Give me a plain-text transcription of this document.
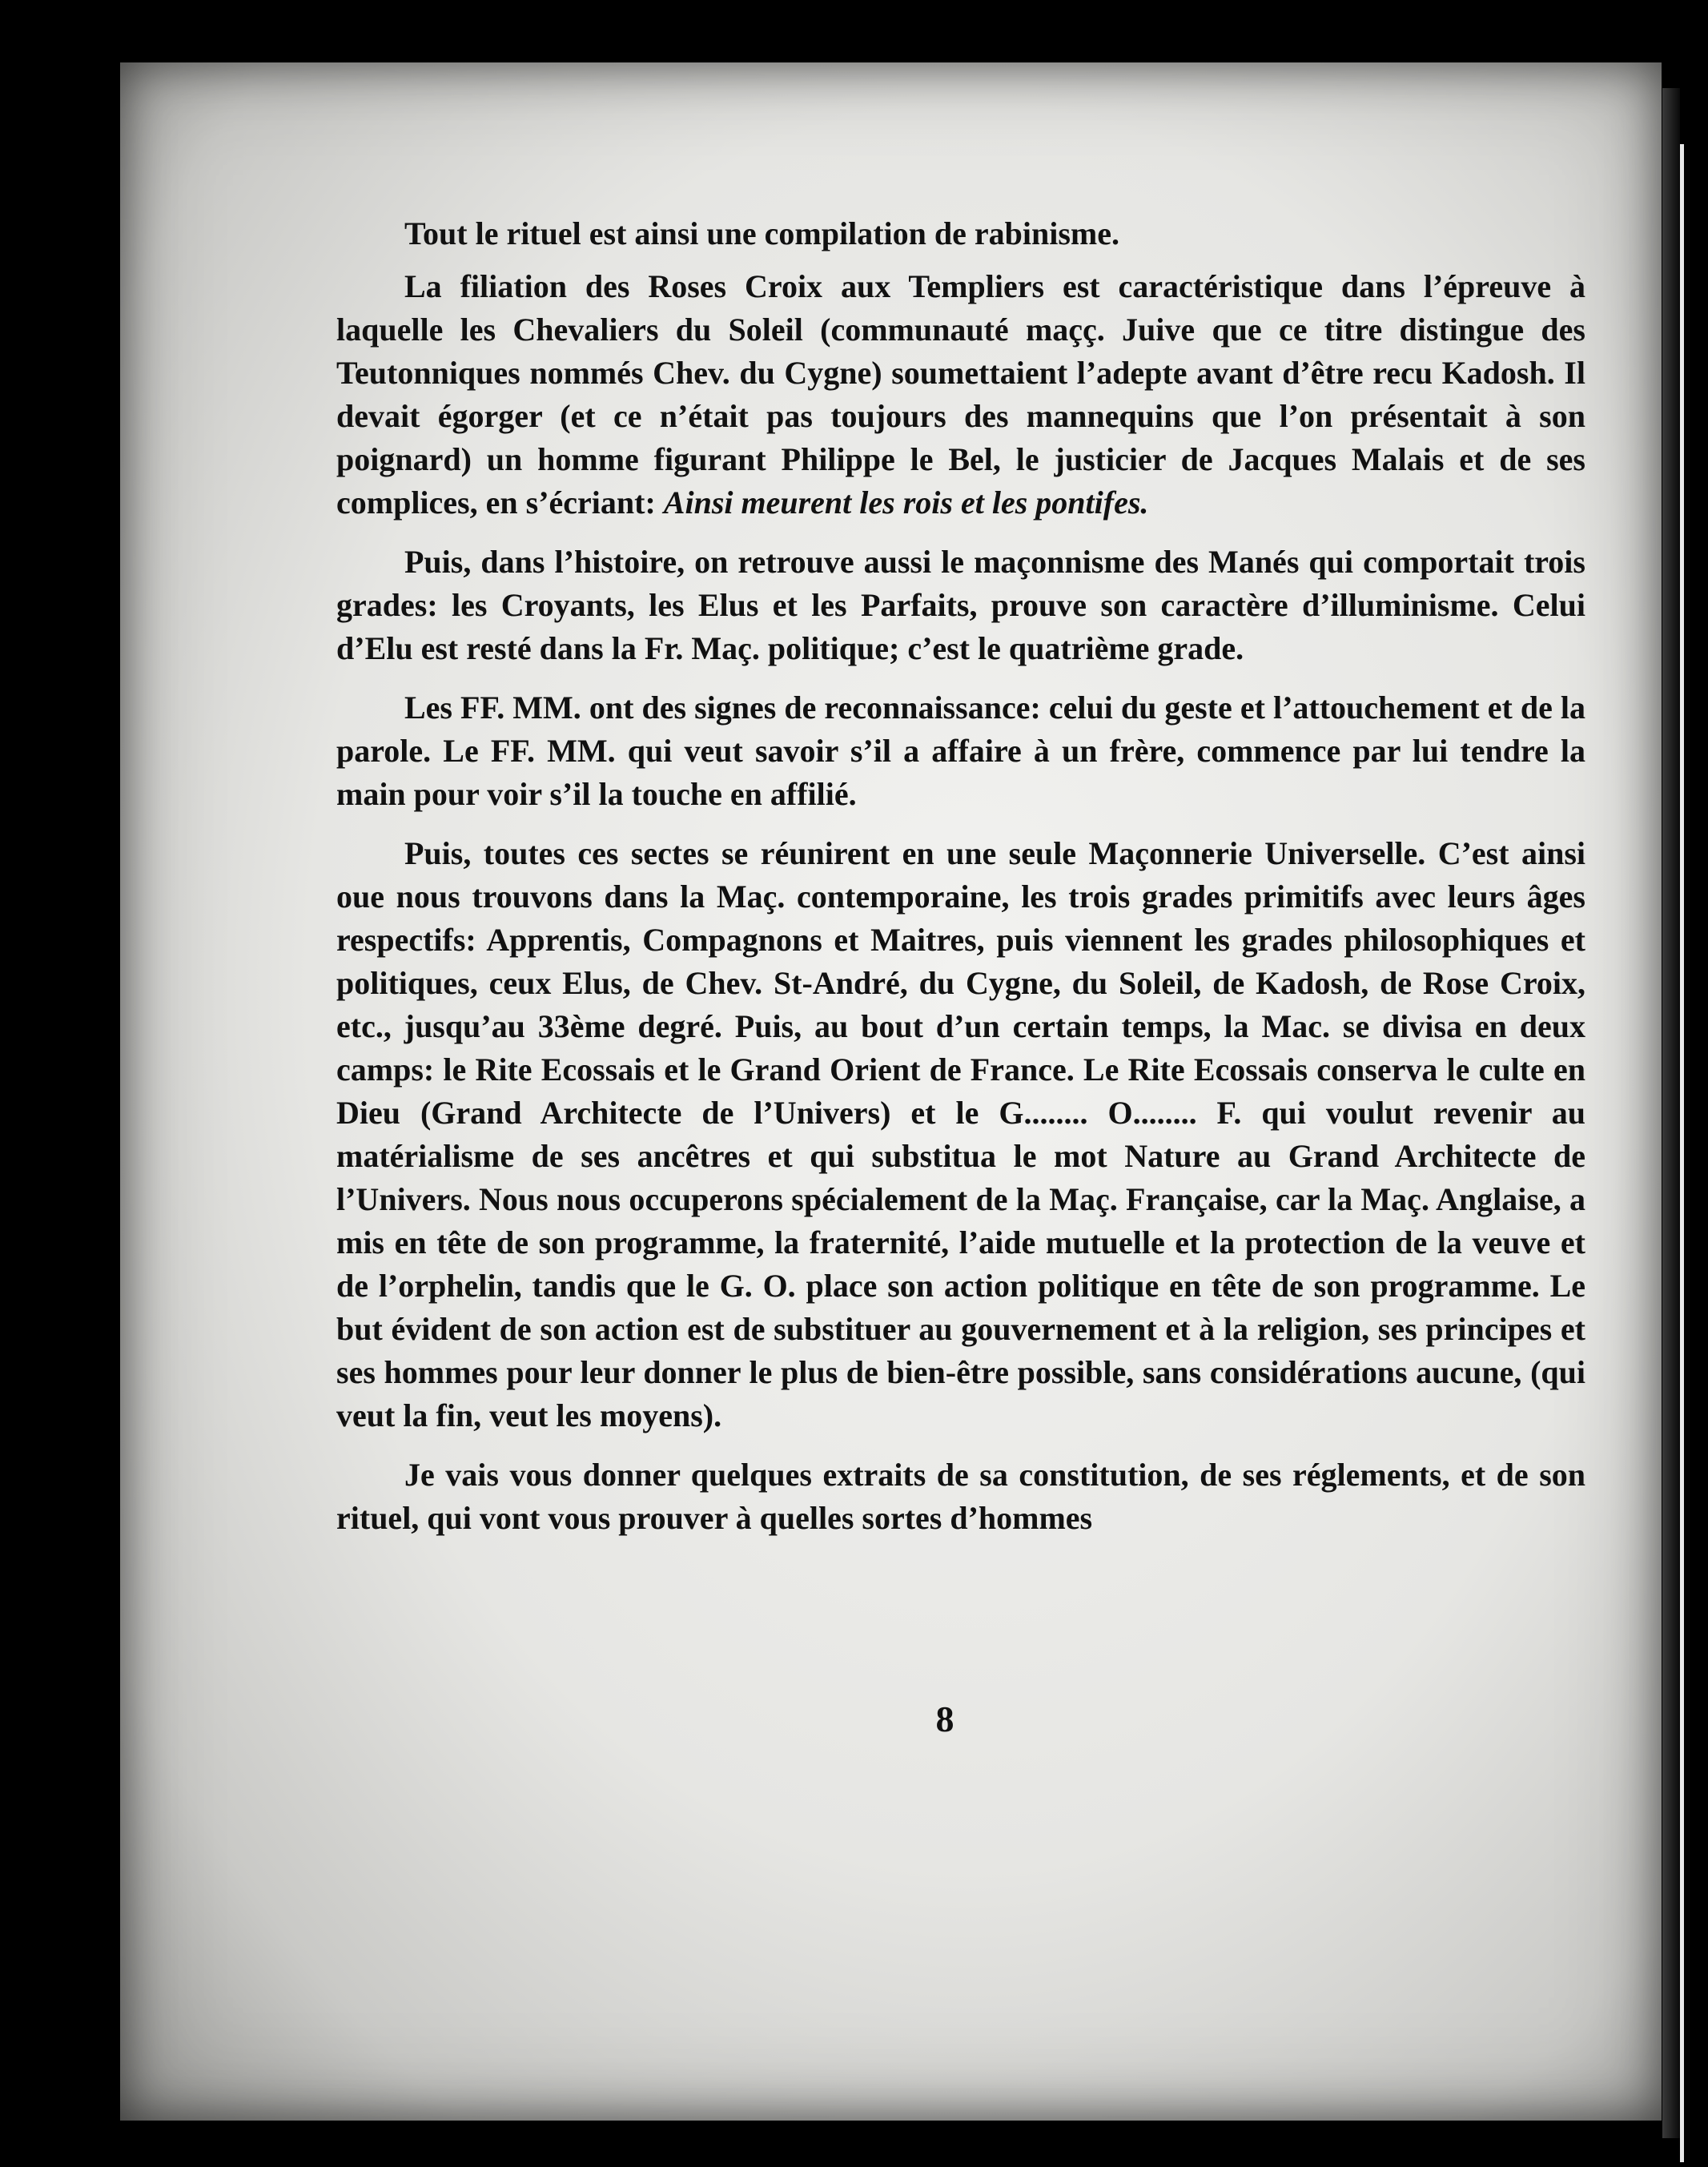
Tout le rituel est ainsi une compilation de rabinisme.

La filiation des Roses Croix aux Templiers est caractéristique dans l’épreuve à laquelle les Chevaliers du Soleil (communauté maçç. Juive que ce titre distingue des Teutonniques nommés Chev. du Cygne) soumettaient l’adepte avant d’être recu Kadosh. Il devait égorger (et ce n’était pas toujours des mannequins que l’on présentait à son poignard) un homme figurant Philippe le Bel, le justicier de Jacques Malais et de ses complices, en s’écriant: Ainsi meurent les rois et les pontifes.

Puis, dans l’histoire, on retrouve aussi le maçonnisme des Manés qui comportait trois grades: les Croyants, les Elus et les Parfaits, prouve son caractère d’illuminisme. Celui d’Elu est resté dans la Fr. Maç. politique; c’est le quatrième grade.

Les FF. MM. ont des signes de reconnaissance: celui du geste et l’attouchement et de la parole. Le FF. MM. qui veut savoir s’il a affaire à un frère, commence par lui tendre la main pour voir s’il la touche en affilié.

Puis, toutes ces sectes se réunirent en une seule Maçonnerie Universelle. C’est ainsi oue nous trouvons dans la Maç. contemporaine, les trois grades primitifs avec leurs âges respectifs: Apprentis, Compagnons et Maitres, puis viennent les grades philosophiques et politiques, ceux Elus, de Chev. St-André, du Cygne, du Soleil, de Kadosh, de Rose Croix, etc., jusqu’au 33ème degré. Puis, au bout d’un certain temps, la Mac. se divisa en deux camps: le Rite Ecossais et le Grand Orient de France. Le Rite Ecossais conserva le culte en Dieu (Grand Architecte de l’Univers) et le G........ O........ F. qui voulut revenir au matérialisme de ses ancêtres et qui substitua le mot Nature au Grand Architecte de l’Univers. Nous nous occuperons spécialement de la Maç. Française, car la Maç. Anglaise, a mis en tête de son programme, la fraternité, l’aide mutuelle et la protection de la veuve et de l’orphelin, tandis que le G. O. place son action politique en tête de son programme. Le but évident de son action est de substituer au gouvernement et à la religion, ses principes et ses hommes pour leur donner le plus de bien-être possible, sans considérations aucune, (qui veut la fin, veut les moyens).

Je vais vous donner quelques extraits de sa constitution, de ses réglements, et de son rituel, qui vont vous prouver à quelles sortes d’hommes

8
